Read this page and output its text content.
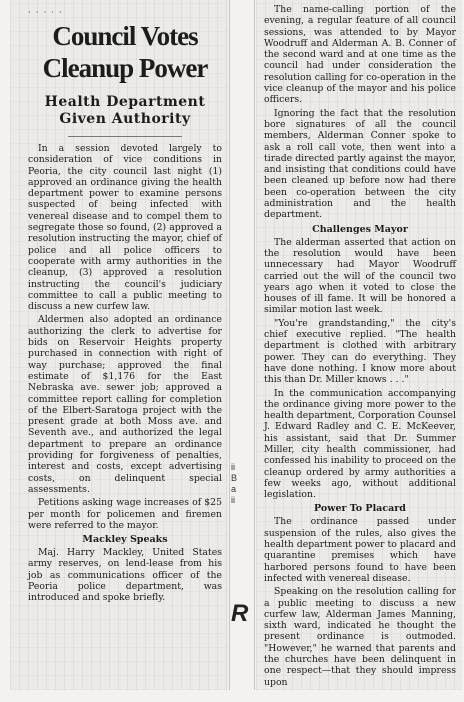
· · · · ·
Council Votes
Cleanup Power
Health Department
Given Authority

In a session devoted largely to consideration of vice conditions in Peoria, the city council last night (1) approved an ordinance giving the health department power to examine persons suspected of being infected with venereal disease and to compel them to segregate those so found, (2) approved a resolution instructing the mayor, chief of police and all police officers to cooperate with army authorities in the cleanup, (3) approved a resolution instructing the council's judiciary committee to call a public meeting to discuss a new curfew law.

Aldermen also adopted an ordinance authorizing the clerk to advertise for bids on Reservoir Heights property purchased in connection with right of way purchase; approved the final estimate of $1,176 for the East Nebraska ave. sewer job; approved a committee report calling for completion of the Elbert-Saratoga project with the present grade at both Moss ave. and Seventh ave., and authorized the legal department to prepare an ordinance providing for forgiveness of penalties, interest and costs, except advertising costs, on delinquent special assessments.

Petitions asking wage increases of $25 per month for policemen and firemen were referred to the mayor.

Mackley Speaks

Maj. Harry Mackley, United States army reserves, on lend-lease from his job as communications officer of the Peoria police department, was introduced and spoke briefly.

ii
B
a
ii
R

The name-calling portion of the evening, a regular feature of all council sessions, was attended to by Mayor Woodruff and Alderman A. B. Conner of the second ward and at one time as the council had under consideration the resolution calling for co-operation in the vice cleanup of the mayor and his police officers.

Ignoring the fact that the resolution bore signatures of all the council members, Alderman Conner spoke to ask a roll call vote, then went into a tirade directed partly against the mayor, and insisting that conditions could have been cleaned up before now had there been co-operation between the city administration and the health department.

Challenges Mayor

The alderman asserted that action on the resolution would have been unnecessary had Mayor Woodruff carried out the will of the council two years ago when it voted to close the houses of ill fame. It will be honored a similar motion last week.

"You're grandstanding," the city's chief executive replied. "The health department is clothed with arbitrary power. They can do everything. They have done nothing. I know more about this than Dr. Miller knows . . ."

In the communication accompanying the ordinance giving more power to the health department, Corporation Counsel J. Edward Radley and C. E. McKeever, his assistant, said that Dr. Summer Miller, city health commissioner, had confessed his inability to proceed on the cleanup ordered by army authorities a few weeks ago, without additional legislation.

Power To Placard

The ordinance passed under suspension of the rules, also gives the health department power to placard and quarantine premises which have harbored persons found to have been infected with venereal disease.

Speaking on the resolution calling for a public meeting to discuss a new curfew law, Alderman James Manning, sixth ward, indicated he thought the present ordinance is outmoded. "However," he warned that parents and the churches have been delinquent in one respect—that they should impress upon
